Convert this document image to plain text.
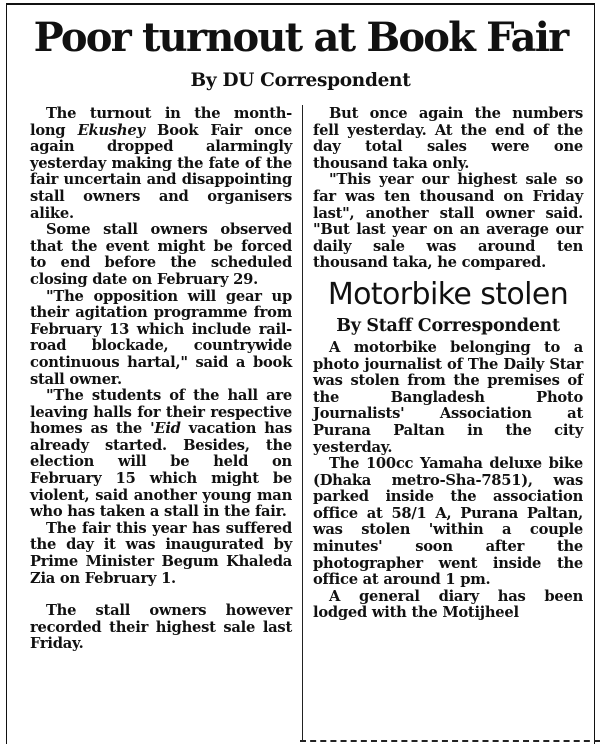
Poor turnout at Book Fair
By DU Correspondent

The turnout in the month-long Ekushey Book Fair once again dropped alarmingly yesterday making the fate of the fair uncertain and disappointing stall owners and organisers alike.

Some stall owners observed that the event might be forced to end before the scheduled closing date on February 29.

"The opposition will gear up their agitation programme from February 13 which include rail-road blockade, countrywide continuous hartal," said a book stall owner.

"The students of the hall are leaving halls for their respective homes as the 'Eid vacation has already started. Besides, the election will be held on February 15 which might be violent, said another young man who has taken a stall in the fair.

The fair this year has suffered the day it was inaugurated by Prime Minister Begum Khaleda Zia on February 1.

The stall owners however recorded their highest sale last Friday.

But once again the numbers fell yesterday. At the end of the day total sales were one thousand taka only.

"This year our highest sale so far was ten thousand on Friday last", another stall owner said. "But last year on an average our daily sale was around ten thousand taka, he compared.

Motorbike stolen
By Staff Correspondent

A motorbike belonging to a photo journalist of The Daily Star was stolen from the premises of the Bangladesh Photo Journalists' Association at Purana Paltan in the city yesterday.

The 100cc Yamaha deluxe bike (Dhaka metro-Sha-7851), was parked inside the association office at 58/1 A, Purana Paltan, was stolen 'within a couple minutes' soon after the photographer went inside the office at around 1 pm.

A general diary has been lodged with the Motijheel
